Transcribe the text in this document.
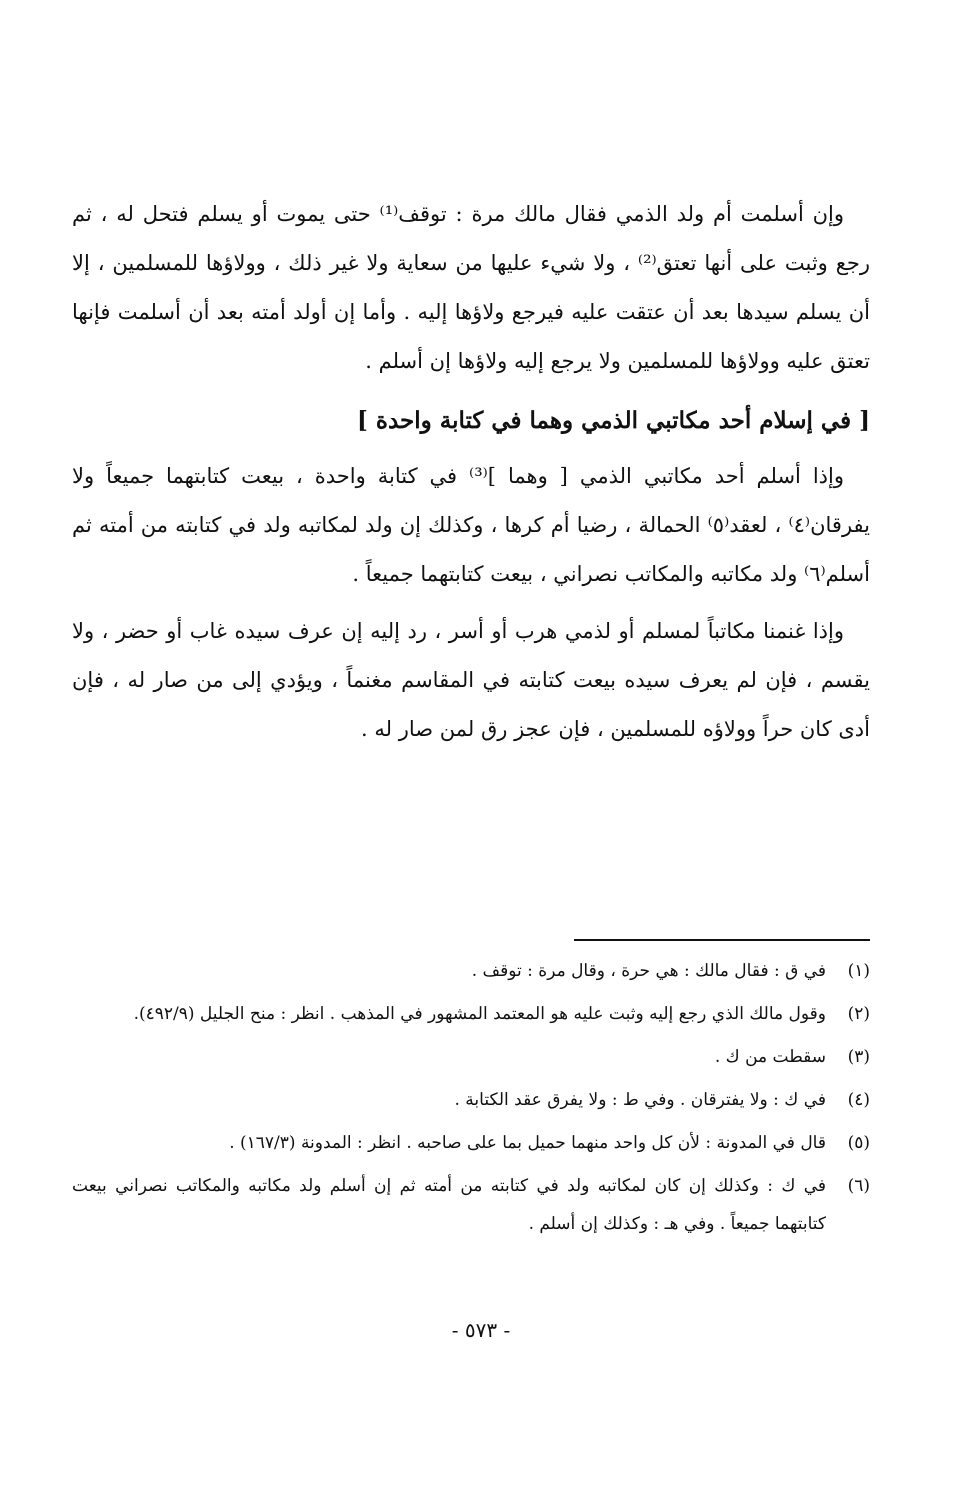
وإن أسلمت أم ولد الذمي فقال مالك مرة : توقف⁽¹⁾ حتى يموت أو يسلم فتحل له ، ثم رجع وثبت على أنها تعتق⁽²⁾ ، ولا شيء عليها من سعاية ولا غير ذلك ، وولاؤها للمسلمين ، إلا أن يسلم سيدها بعد أن عتقت عليه فيرجع ولاؤها إليه . وأما إن أولد أمته بعد أن أسلمت فإنها تعتق عليه وولاؤها للمسلمين ولا يرجع إليه ولاؤها إن أسلم .

[ في إسلام أحد مكاتبي الذمي وهما في كتابة واحدة ]

وإذا أسلم أحد مكاتبي الذمي [ وهما ]⁽³⁾ في كتابة واحدة ، بيعت كتابتهما جميعاً ولا يفرقان⁽٤⁾ ، لعقد⁽٥⁾ الحمالة ، رضيا أم كرها ، وكذلك إن ولد لمكاتبه ولد في كتابته من أمته ثم أسلم⁽٦⁾ ولد مكاتبه والمكاتب نصراني ، بيعت كتابتهما جميعاً .

وإذا غنمنا مكاتباً لمسلم أو لذمي هرب أو أسر ، رد إليه إن عرف سيده غاب أو حضر ، ولا يقسم ، فإن لم يعرف سيده بيعت كتابته في المقاسم مغنماً ، ويؤدي إلى من صار له ، فإن أدى كان حراً وولاؤه للمسلمين ، فإن عجز رق لمن صار له .

(١)
في ق : فقال مالك : هي حرة ، وقال مرة : توقف .
(٢)
وقول مالك الذي رجع إليه وثبت عليه هو المعتمد المشهور في المذهب . انظر : منح الجليل (٤٩٢/٩).
(٣)
سقطت من ك .
(٤)
في ك : ولا يفترقان . وفي ط : ولا يفرق عقد الكتابة .
(٥)
قال في المدونة : لأن كل واحد منهما حميل بما على صاحبه . انظر : المدونة (١٦٧/٣) .
(٦)
في ك : وكذلك إن كان لمكاتبه ولد في كتابته من أمته ثم إن أسلم ولد مكاتبه والمكاتب نصراني بيعت كتابتهما جميعاً . وفي هـ : وكذلك إن أسلم .
- ٥٧٣ -
